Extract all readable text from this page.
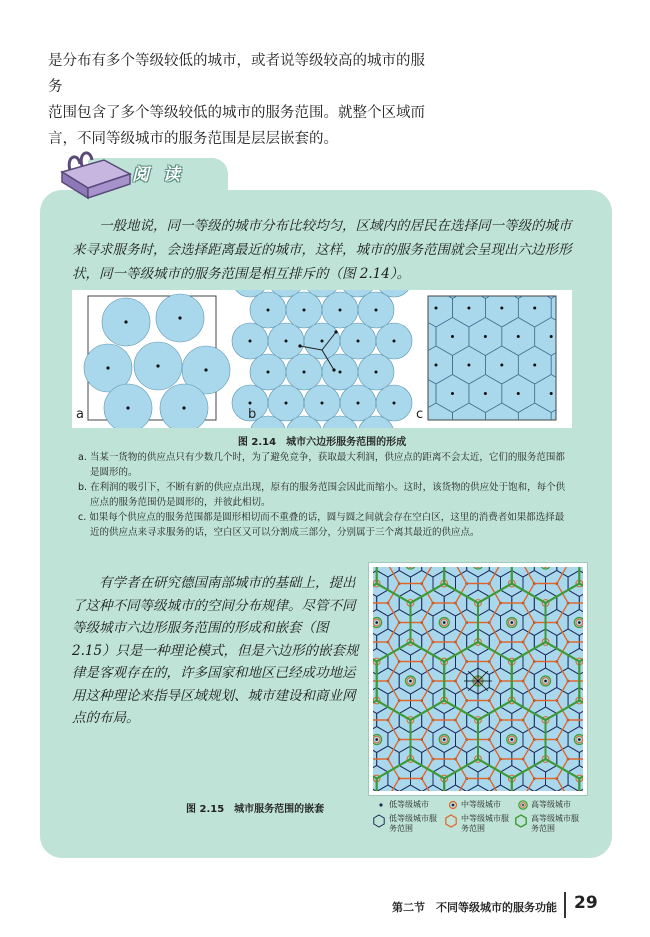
是分布有多个等级较低的城市，或者说等级较高的城市的服务

范围包含了多个等级较低的城市的服务范围。就整个区域而

言，不同等级城市的服务范围是层层嵌套的。

阅读

一般地说，同一等级的城市分布比较均匀，区域内的居民在选择同一等级的城市来寻求服务时，会选择距离最近的城市，这样，城市的服务范围就会呈现出六边形形状，同一等级城市的服务范围是相互排斥的（图 2.14）。

a	b	c
图 2.14　城市六边形服务范围的形成

a. 当某一货物的供应点只有少数几个时，为了避免竞争，获取最大利润，供应点的距离不会太近，它们的服务范围都是圆形的。

b. 在利润的吸引下，不断有新的供应点出现，原有的服务范围会因此而缩小。这时，该货物的供应处于饱和，每个供应点的服务范围仍是圆形的，并彼此相切。

c. 如果每个供应点的服务范围都是圆形相切而不重叠的话，圆与圆之间就会存在空白区，这里的消费者如果都选择最近的供应点来寻求服务的话，空白区又可以分割成三部分，分别属于三个离其最近的供应点。

有学者在研究德国南部城市的基础上，提出了这种不同等级城市的空间分布规律。尽管不同等级城市六边形服务范围的形成和嵌套（图 2.15）只是一种理论模式，但是六边形的嵌套规律是客观存在的，许多国家和地区已经成功地运用这种理论来指导区域规划、城市建设和商业网点的布局。

图 2.15　城市服务范围的嵌套	低等级城市	中等级城市	高等级城市
低等级城市服务范围
中等级城市服务范围
高等级城市服务范围
第二节　不同等级城市的服务功能 29
